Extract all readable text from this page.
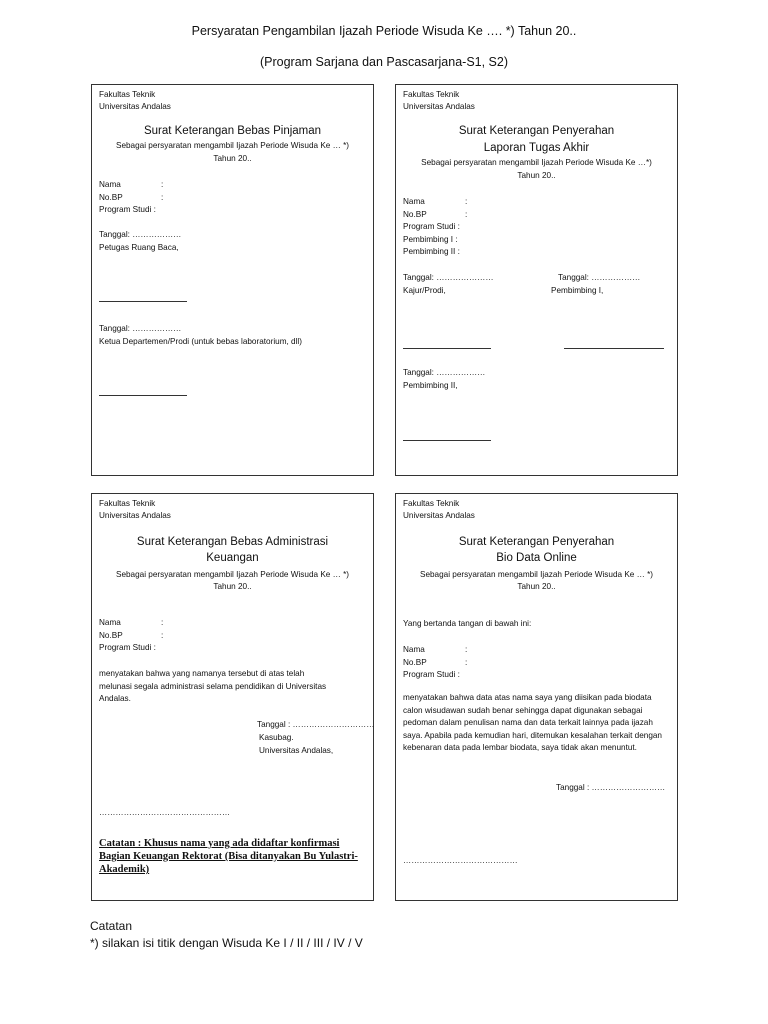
Persyaratan Pengambilan Ijazah Periode Wisuda Ke …. *) Tahun 20..
(Program Sarjana dan Pascasarjana-S1, S2)
Fakultas Teknik
Universitas Andalas
Surat Keterangan Bebas Pinjaman
Sebagai persyaratan mengambil Ijazah Periode Wisuda Ke … *)
Tahun 20..
Nama	:
No.BP	:
Program Studi :
Tanggal: ………………
Petugas Ruang Baca,
Tanggal: ………………
Ketua Departemen/Prodi (untuk bebas laboratorium, dll)
Fakultas Teknik
Universitas Andalas
Surat Keterangan Penyerahan
Laporan Tugas Akhir
Sebagai persyaratan mengambil Ijazah Periode Wisuda Ke …*)
Tahun 20..
Nama	:
No.BP	:
Program Studi :
Pembimbing I :
Pembimbing II :
Tanggal: …………………	Tanggal: ………………
Kajur/Prodi,	Pembimbing I,
Tanggal: ………………
Pembimbing II,
Fakultas Teknik
Universitas Andalas
Surat Keterangan Bebas Administrasi
Keuangan
Sebagai persyaratan mengambil Ijazah Periode Wisuda Ke … *)
Tahun 20..
Nama	:
No.BP	:
Program Studi :
menyatakan bahwa yang namanya tersebut di atas telah melunasi segala administrasi selama pendidikan di Universitas Andalas.
Tanggal : …………………………
Kasubag.
Universitas Andalas,
…………………………………………
Catatan : Khusus nama yang ada didaftar konfirmasi Bagian Keuangan Rektorat (Bisa ditanyakan Bu Yulastri-Akademik)
Fakultas Teknik
Universitas Andalas
Surat Keterangan Penyerahan
Bio Data Online
Sebagai persyaratan mengambil Ijazah Periode Wisuda Ke … *)
Tahun 20..
Yang bertanda tangan di bawah ini:
Nama	:
No.BP	:
Program Studi :
menyatakan bahwa data atas nama saya yang diisikan pada biodata calon wisudawan sudah benar sehingga dapat digunakan sebagai pedoman dalam penulisan nama dan data terkait lainnya pada ijazah saya. Apabila pada kemudian hari, ditemukan kesalahan terkait dengan kebenaran data pada lembar biodata, saya tidak akan menuntut.
Tanggal : ………………………
……………………………………
Catatan
*) silakan isi titik dengan Wisuda Ke I / II / III / IV / V
